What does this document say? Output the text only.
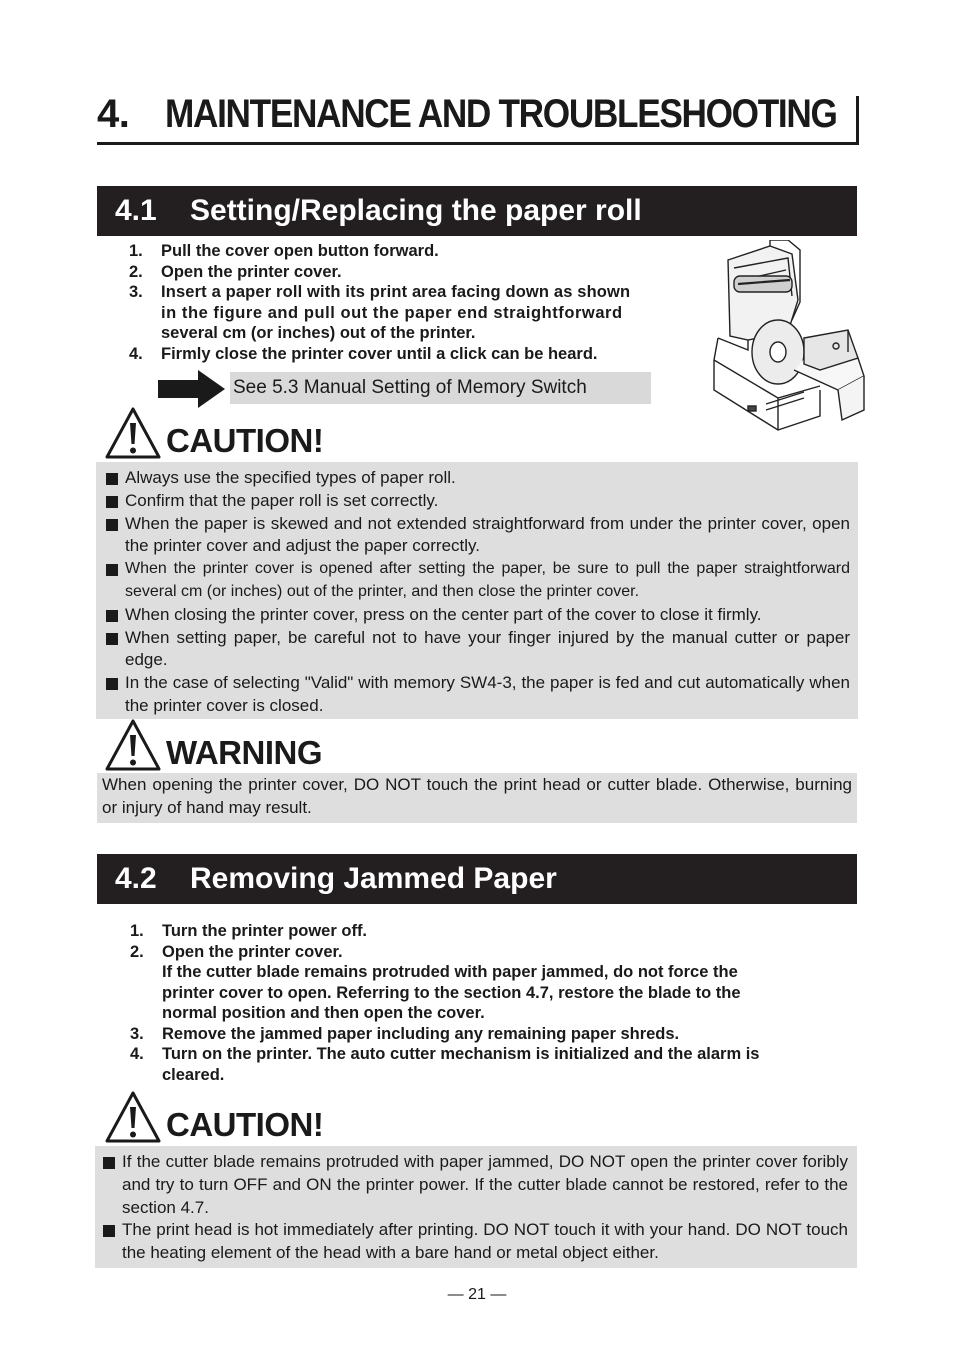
4. MAINTENANCE AND TROUBLESHOOTING
4.1 Setting/Replacing the paper roll
1. Pull the cover open button forward.
2. Open the printer cover.
3. Insert a paper roll with its print area facing down as shown
in the figure and pull out the paper end straightforward
several cm (or inches) out of the printer.
4. Firmly close the printer cover until a click can be heard.
See 5.3 Manual Setting of Memory Switch
CAUTION!
Always use the specified types of paper roll.
Confirm that the paper roll is set correctly.
When the paper is skewed and not extended straightforward from under the printer cover, open the printer cover and adjust the paper correctly.
When the printer cover is opened after setting the paper, be sure to pull the paper straightforward several cm (or inches) out of the printer, and then close the printer cover.
When closing the printer cover, press on the center part of the cover to close it firmly.
When setting paper, be careful not to have your finger injured by the manual cutter or paper edge.
In the case of selecting "Valid" with memory SW4-3, the paper is fed and cut automatically when the printer cover is closed.
WARNING
When opening the printer cover, DO NOT touch the print head or cutter blade. Otherwise, burning or injury of hand may result.
4.2 Removing Jammed Paper
1. Turn the printer power off.
2. Open the printer cover.
If the cutter blade remains protruded with paper jammed, do not force the
printer cover to open. Referring to the section 4.7, restore the blade to the
normal position and then open the cover.
3. Remove the jammed paper including any remaining paper shreds.
4. Turn on the printer. The auto cutter mechanism is initialized and the alarm is
cleared.
CAUTION!
If the cutter blade remains protruded with paper jammed, DO NOT open the printer cover foribly and try to turn OFF and ON the printer power. If the cutter blade cannot be restored, refer to the section 4.7.
The print head is hot immediately after printing. DO NOT touch it with your hand. DO NOT touch the heating element of the head with a bare hand or metal object either.
— 21 —
